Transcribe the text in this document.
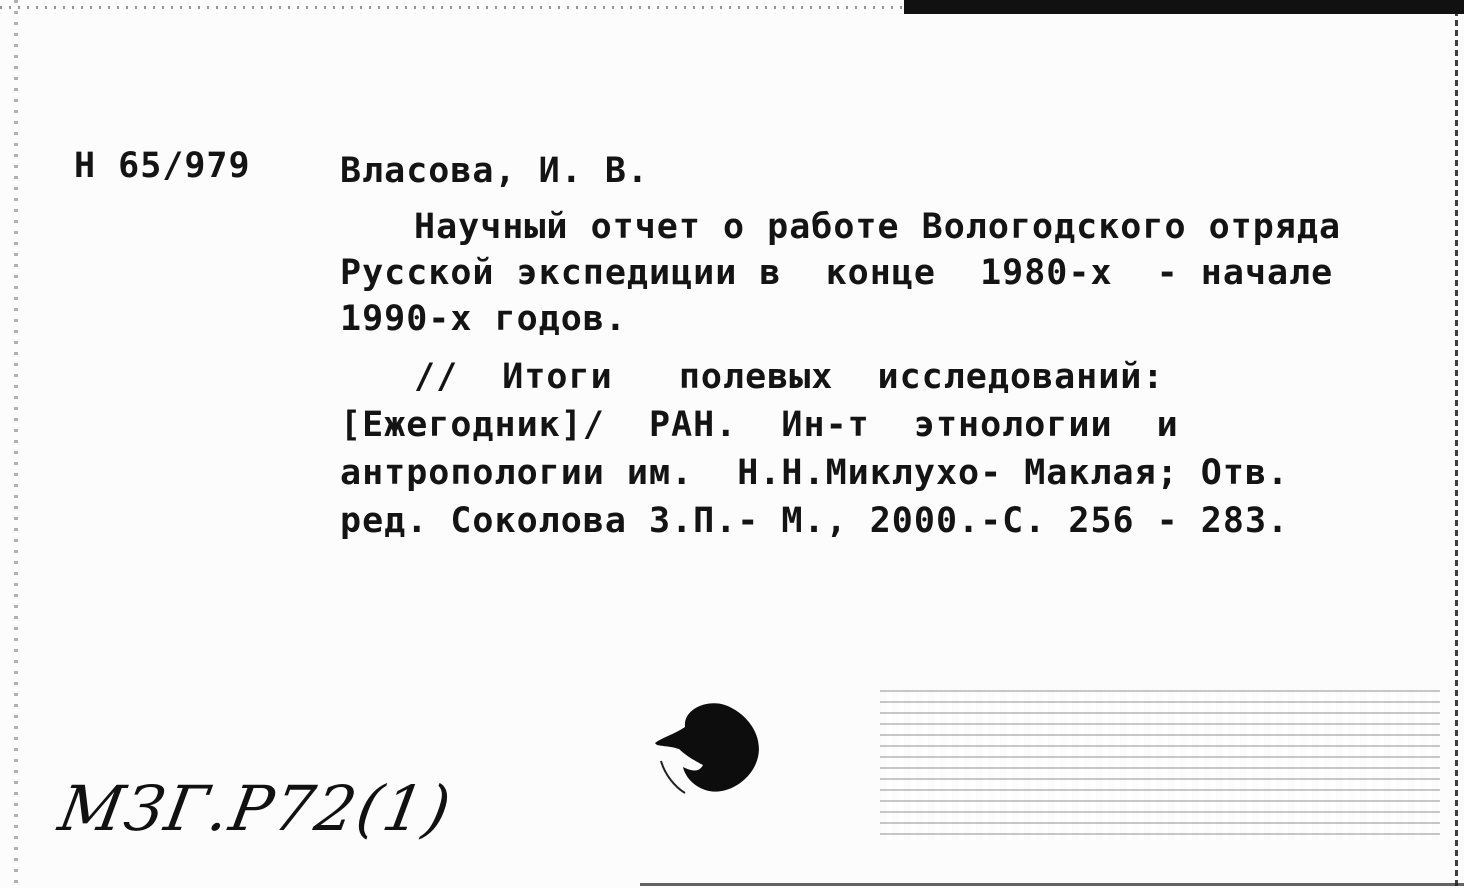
Н 65/979	Власова, И. В.
Научный отчет о работе Вологодского отряда
Русской экспедиции в  конце  1980-х  - начале
1990-х годов.
//  Итоги   полевых  исследований:
[Ежегодник]/  РАН.  Ин-т  этнологии  и
антропологии им.  Н.Н.Миклухо- Маклая; Отв.
ред. Соколова З.П.- М., 2000.-С. 256 - 283.
МЗГ.Р72(1)
